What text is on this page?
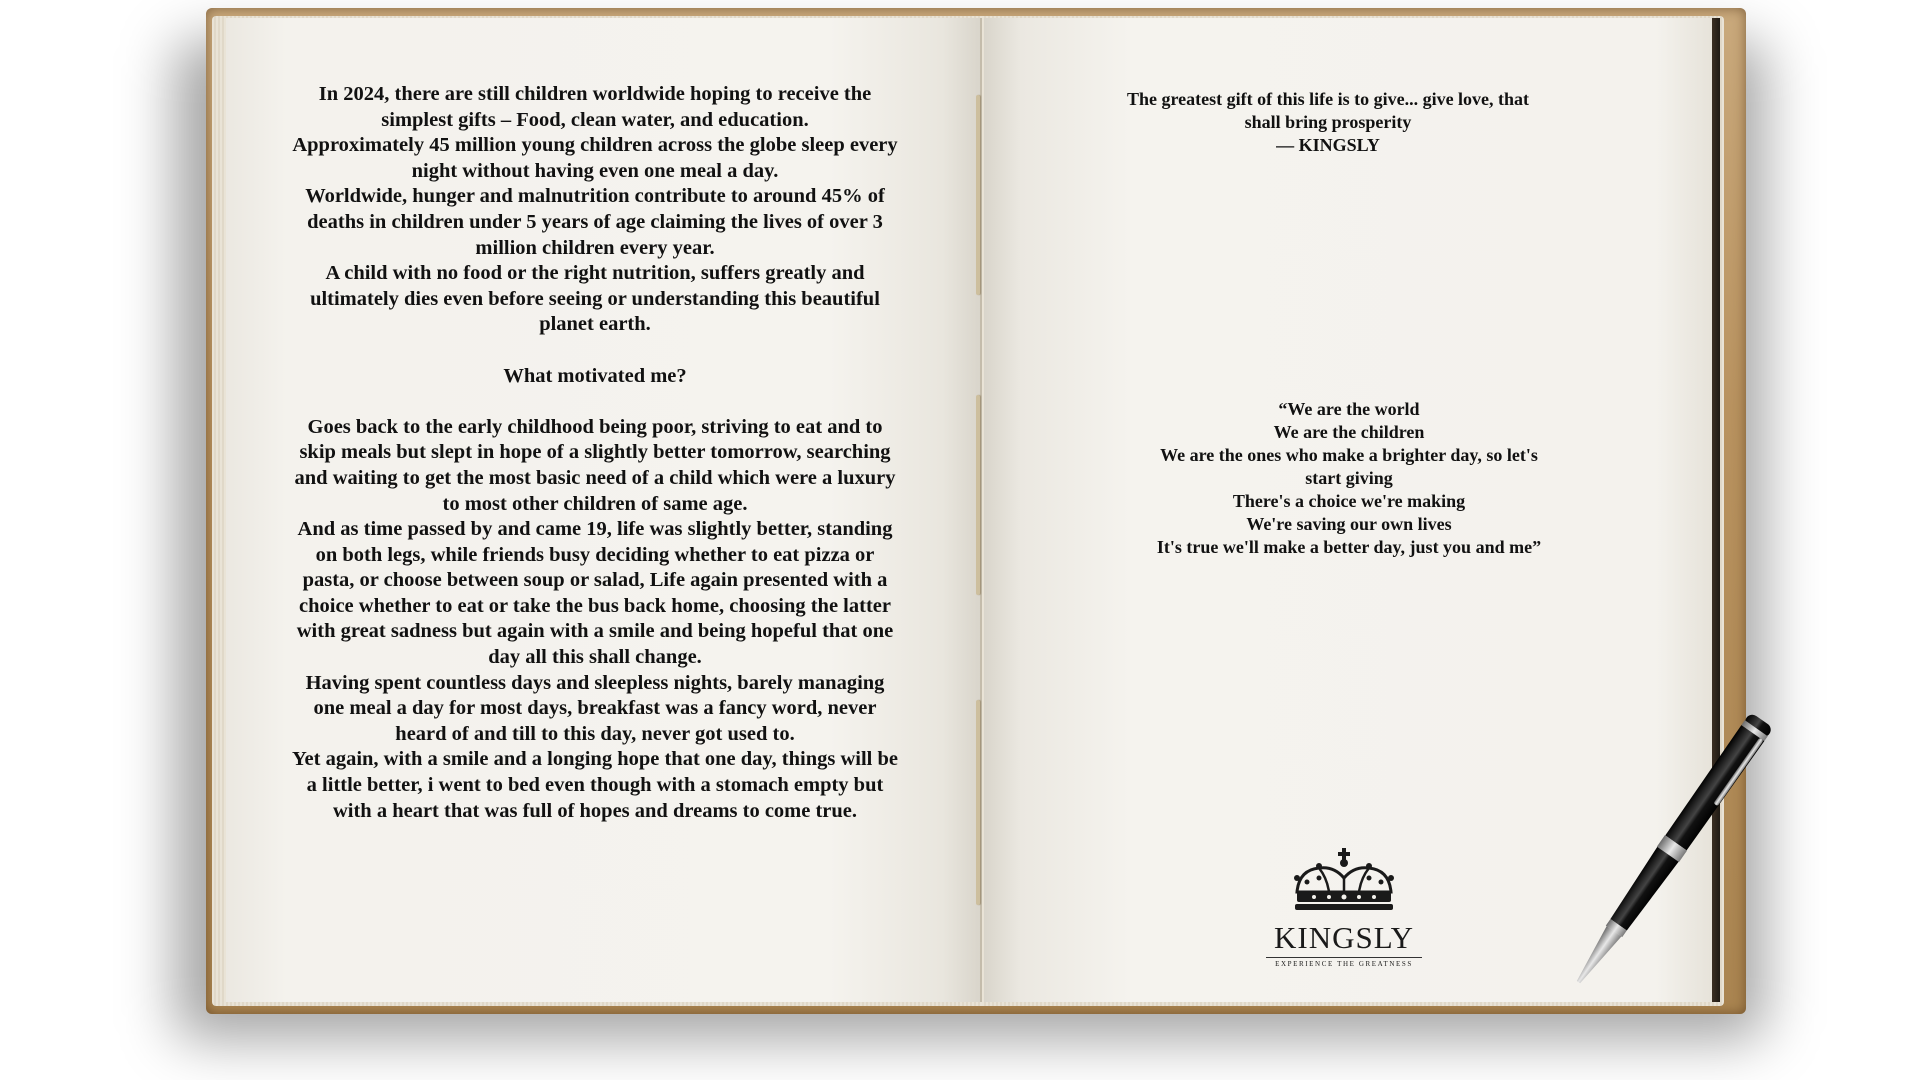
In 2024, there are still children worldwide hoping to receive the simplest gifts – Food, clean water, and education.

Approximately 45 million young children across the globe sleep every night without having even one meal a day.

Worldwide, hunger and malnutrition contribute to around 45% of deaths in children under 5 years of age claiming the lives of over 3 million children every year.

A child with no food or the right nutrition, suffers greatly and ultimately dies even before seeing or understanding this beautiful planet earth.

What motivated me?

Goes back to the early childhood being poor, striving to eat and to skip meals but slept in hope of a slightly better tomorrow, searching and waiting to get the most basic need of a child which were a luxury to most other children of same age.

And as time passed by and came 19, life was slightly better, standing on both legs, while friends busy deciding whether to eat pizza or pasta, or choose between soup or salad, Life again presented with a choice whether to eat or take the bus back home, choosing the latter with great sadness but again with a smile and being hopeful that one day all this shall change.

Having spent countless days and sleepless nights, barely managing one meal a day for most days, breakfast was a fancy word, never heard of and till to this day, never got used to.

Yet again, with a smile and a longing hope that one day, things will be a little better, i went to bed even though with a stomach empty but with a heart that was full of hopes and dreams to come true.

The greatest gift of this life is to give... give love, that shall bring prosperity

— KINGSLY

“We are the world

We are the children

We are the ones who make a brighter day, so let's start giving

There's a choice we're making

We're saving our own lives

It's true we'll make a better day, just you and me”

KINGSLY
EXPERIENCE THE GREATNESS
